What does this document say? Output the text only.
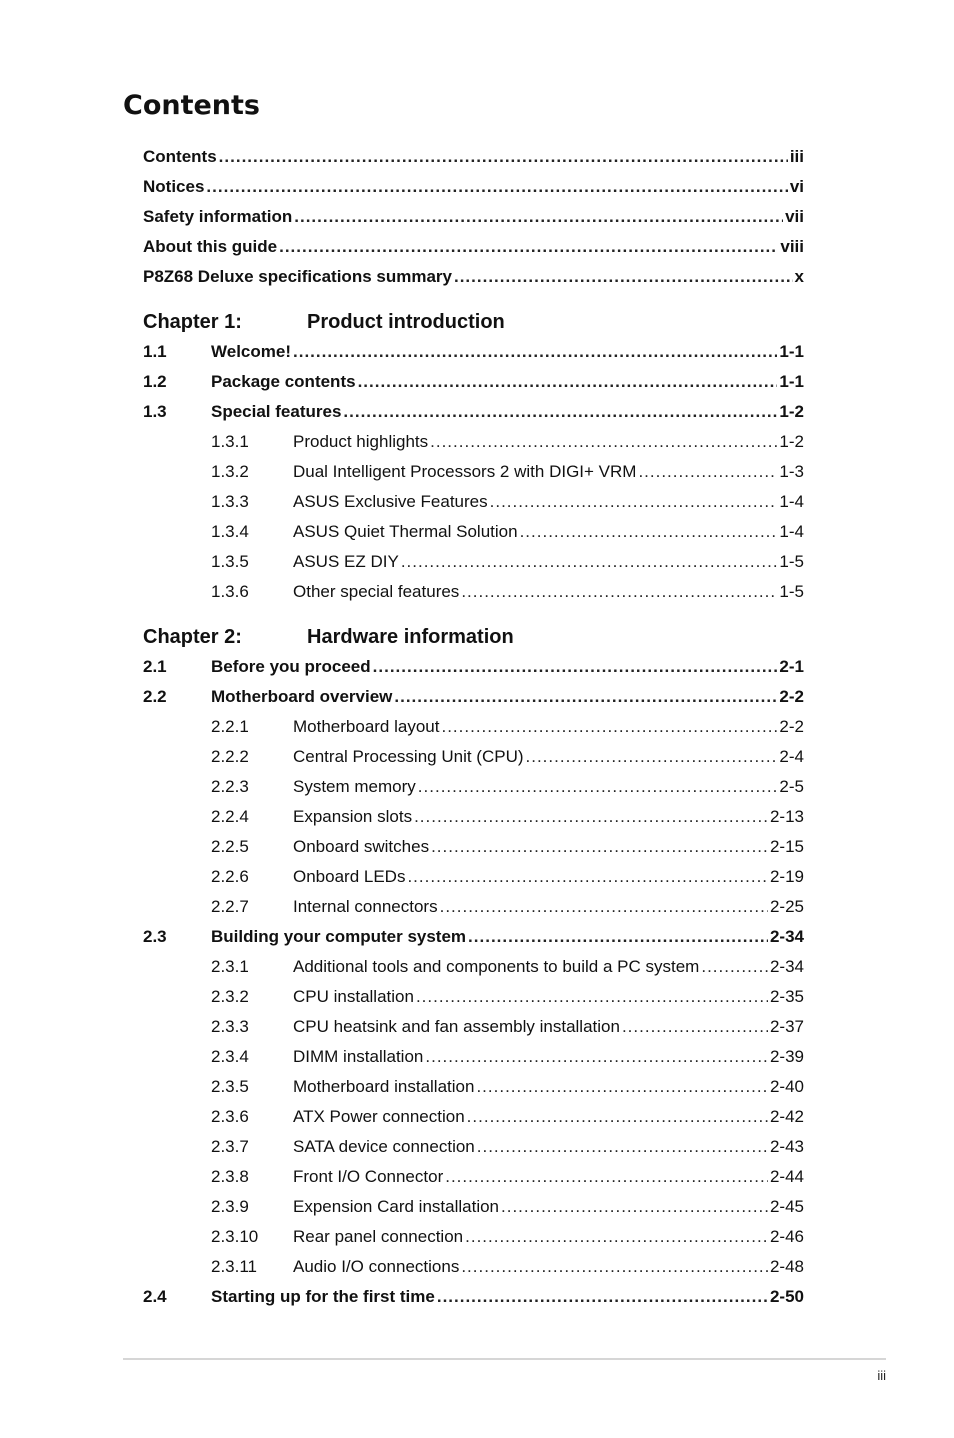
Contents
Contents .....	iii
Notices .....	vi
Safety information .....	vii
About this guide .....	viii
P8Z68 Deluxe specifications summary .....	x
Chapter 1:	Product introduction
1.1	Welcome! .....	1-1
1.2	Package contents .....	1-1
1.3	Special features .....	1-2
1.3.1	Product highlights .....	1-2
1.3.2	Dual Intelligent Processors 2 with DIGI+ VRM .....	1-3
1.3.3	ASUS Exclusive Features .....	1-4
1.3.4	ASUS Quiet Thermal Solution .....	1-4
1.3.5	ASUS EZ DIY .....	1-5
1.3.6	Other special features .....	1-5
Chapter 2:	Hardware information
2.1	Before you proceed .....	2-1
2.2	Motherboard overview .....	2-2
2.2.1	Motherboard layout .....	2-2
2.2.2	Central Processing Unit (CPU) .....	2-4
2.2.3	System memory .....	2-5
2.2.4	Expansion slots .....	2-13
2.2.5	Onboard switches .....	2-15
2.2.6	Onboard LEDs .....	2-19
2.2.7	Internal connectors .....	2-25
2.3	Building your computer system .....	2-34
2.3.1	Additional tools and components to build a PC system .....	2-34
2.3.2	CPU installation .....	2-35
2.3.3	CPU heatsink and fan assembly installation .....	2-37
2.3.4	DIMM installation .....	2-39
2.3.5	Motherboard installation .....	2-40
2.3.6	ATX Power connection .....	2-42
2.3.7	SATA device connection .....	2-43
2.3.8	Front I/O Connector .....	2-44
2.3.9	Expension Card installation .....	2-45
2.3.10	Rear panel connection .....	2-46
2.3.11	Audio I/O connections .....	2-48
2.4	Starting up for the first time .....	2-50
iii
